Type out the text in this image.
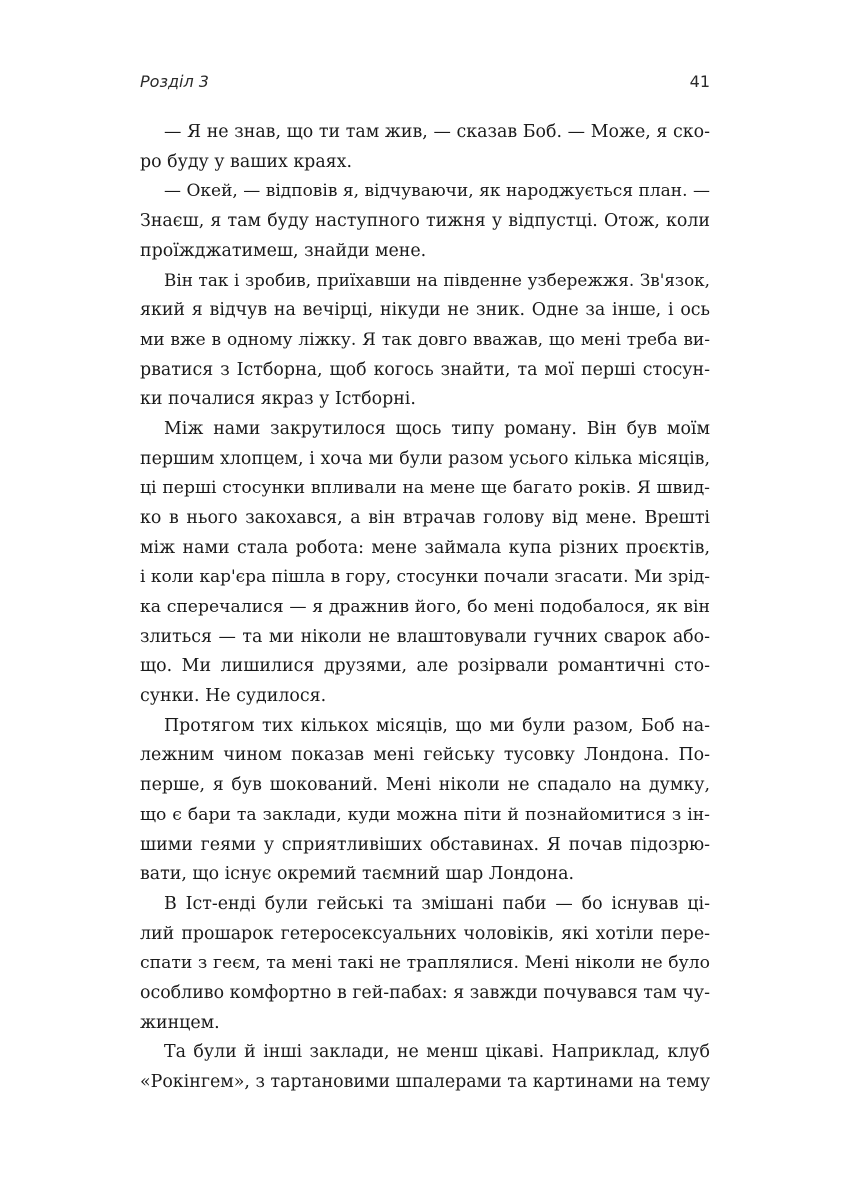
Розділ 3	41
— Я не знав, що ти там жив, — сказав Боб. — Може, я ско-
ро буду у ваших краях.
— Окей, — відповів я, відчуваючи, як народжується план. —
Знаєш, я там буду наступного тижня у відпустці. Отож, коли
проїжджатимеш, знайди мене.
Він так і зробив, приїхавши на південне узбережжя. Зв'язок,
який я відчув на вечірці, нікуди не зник. Одне за інше, і ось
ми вже в одному ліжку. Я так довго вважав, що мені треба ви-
рватися з Істборна, щоб когось знайти, та мої перші стосун-
ки почалися якраз у Істборні.
Між нами закрутилося щось типу роману. Він був моїм
першим хлопцем, і хоча ми були разом усього кілька місяців,
ці перші стосунки впливали на мене ще багато років. Я швид-
ко в нього закохався, а він втрачав голову від мене. Врешті
між нами стала робота: мене займала купа різних проєктів,
і коли кар'єра пішла в гору, стосунки почали згасати. Ми зрід-
ка сперечалися — я дражнив його, бо мені подобалося, як він
злиться — та ми ніколи не влаштовували гучних сварок або-
що. Ми лишилися друзями, але розірвали романтичні сто-
сунки. Не судилося.
Протягом тих кількох місяців, що ми були разом, Боб на-
лежним чином показав мені гейську тусовку Лондона. По-
перше, я був шокований. Мені ніколи не спадало на думку,
що є бари та заклади, куди можна піти й познайомитися з ін-
шими геями у сприятливіших обставинах. Я почав підозрю-
вати, що існує окремий таємний шар Лондона.
В Іст-енді були гейські та змішані паби — бо існував ці-
лий прошарок гетеросексуальних чоловіків, які хотіли пере-
спати з геєм, та мені такі не траплялися. Мені ніколи не було
особливо комфортно в гей-пабах: я завжди почувався там чу-
жинцем.
Та були й інші заклади, не менш цікаві. Наприклад, клуб
«Рокінгем», з тартановими шпалерами та картинами на тему
